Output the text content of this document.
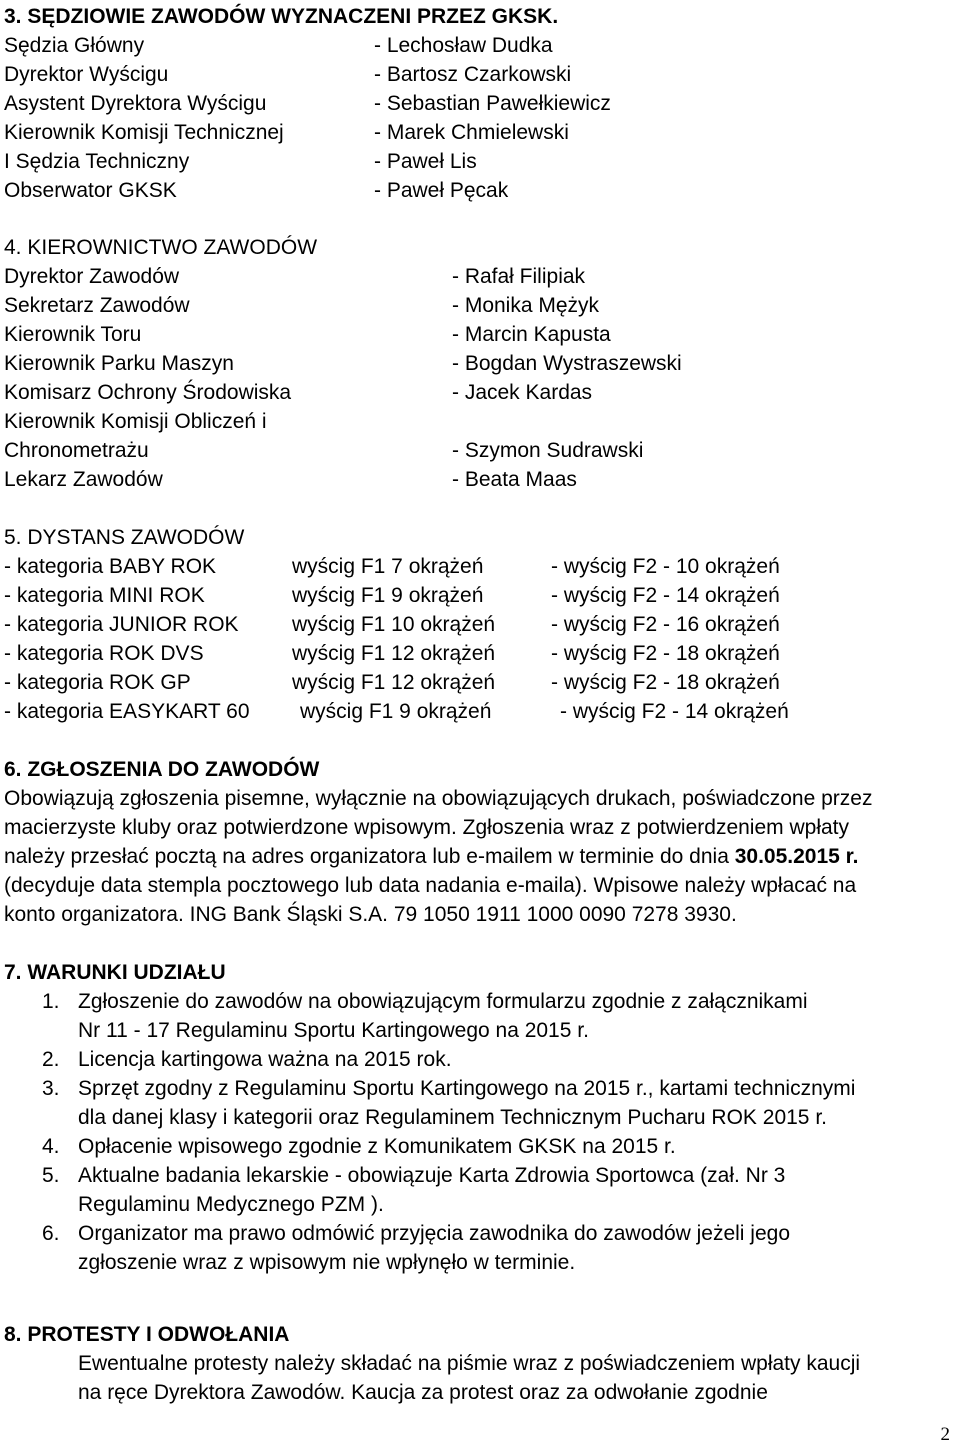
3. SĘDZIOWIE ZAWODÓW WYZNACZENI PRZEZ GKSK.
Sędzia Główny	- Lechosław Dudka
Dyrektor Wyścigu	- Bartosz Czarkowski
Asystent Dyrektora Wyścigu	- Sebastian Pawełkiewicz
Kierownik Komisji Technicznej	- Marek Chmielewski
I Sędzia Techniczny	- Paweł Lis
Obserwator GKSK	- Paweł Pęcak
4. KIEROWNICTWO ZAWODÓW
Dyrektor Zawodów	- Rafał Filipiak
Sekretarz Zawodów	- Monika Mężyk
Kierownik Toru	- Marcin Kapusta
Kierownik Parku Maszyn	- Bogdan Wystraszewski
Komisarz Ochrony Środowiska	- Jacek Kardas
Kierownik Komisji Obliczeń i
Chronometrażu	- Szymon Sudrawski
Lekarz Zawodów	- Beata Maas
5. DYSTANS ZAWODÓW
- kategoria BABY ROK	wyścig F1 7 okrążeń	- wyścig F2 - 10 okrążeń
- kategoria MINI ROK	wyścig F1 9 okrążeń	- wyścig F2 - 14 okrążeń
- kategoria JUNIOR ROK	wyścig F1 10 okrążeń	- wyścig F2 - 16 okrążeń
- kategoria ROK DVS	wyścig F1 12 okrążeń	- wyścig F2 - 18 okrążeń
- kategoria ROK GP	wyścig F1 12 okrążeń	- wyścig F2 - 18 okrążeń
- kategoria EASYKART 60 wyścig F1 9 okrążeń	- wyścig F2 - 14 okrążeń
6. ZGŁOSZENIA DO ZAWODÓW
Obowiązują zgłoszenia pisemne, wyłącznie na obowiązujących drukach, poświadczone przez
macierzyste kluby oraz potwierdzone wpisowym. Zgłoszenia wraz z potwierdzeniem wpłaty
należy przesłać pocztą na adres organizatora lub e-mailem w terminie do dnia 30.05.2015 r.
(decyduje data stempla pocztowego lub data nadania e-maila). Wpisowe należy wpłacać na
konto organizatora. ING Bank Śląski S.A. 79 1050 1911 1000 0090 7278 3930.
7. WARUNKI UDZIAŁU
1. Zgłoszenie do zawodów na obowiązującym formularzu zgodnie z załącznikami
Nr 11 - 17 Regulaminu Sportu Kartingowego na 2015 r.
2. Licencja kartingowa ważna na 2015 rok.
3. Sprzęt zgodny z Regulaminu Sportu Kartingowego na 2015 r., kartami technicznymi
dla danej klasy i kategorii oraz Regulaminem Technicznym Pucharu ROK 2015 r.
4. Opłacenie wpisowego zgodnie z Komunikatem GKSK na 2015 r.
5. Aktualne badania lekarskie - obowiązuje Karta Zdrowia Sportowca (zał. Nr 3
Regulaminu Medycznego PZM ).
6. Organizator ma prawo odmówić przyjęcia zawodnika do zawodów jeżeli jego
zgłoszenie wraz z wpisowym nie wpłynęło w terminie.
8. PROTESTY I ODWOŁANIA
Ewentualne protesty należy składać na piśmie wraz z poświadczeniem wpłaty kaucji
na ręce Dyrektora Zawodów. Kaucja za protest oraz za odwołanie zgodnie
2
